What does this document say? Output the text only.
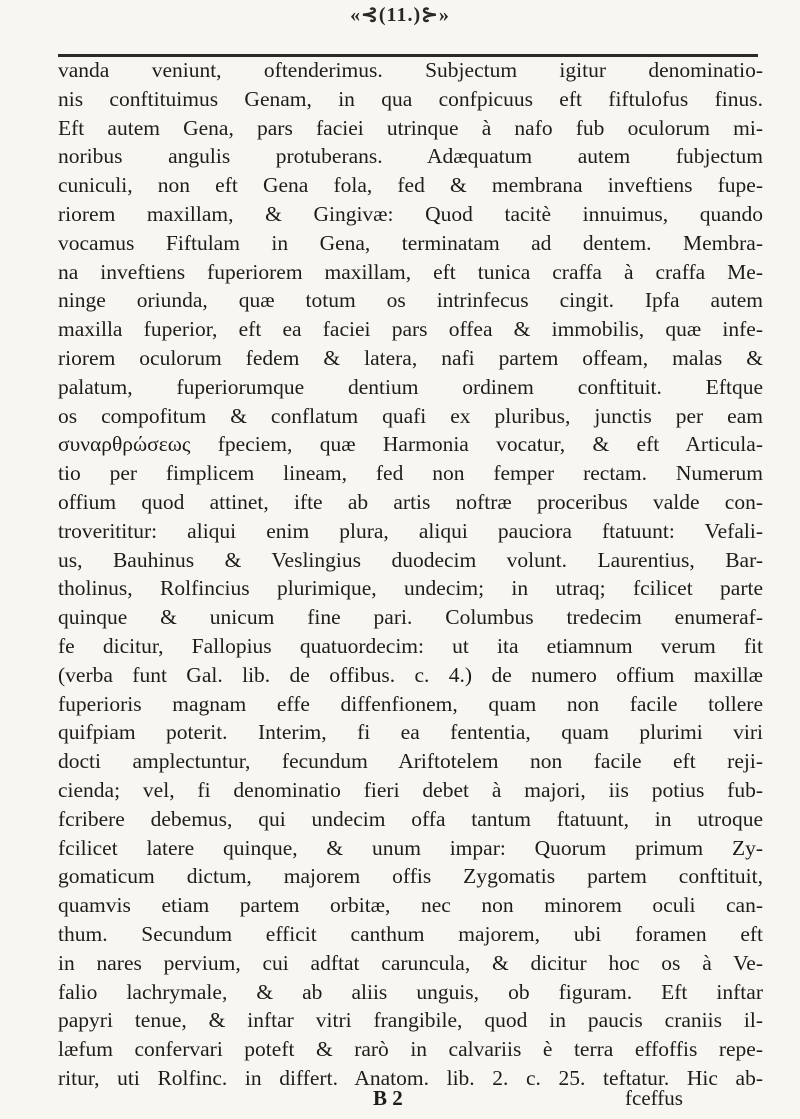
«⊰(11.)⊱»
vanda veniunt, oftenderimus. Subjectum igitur denominatio-
nis conftituimus Genam, in qua confpicuus eft fiftulofus finus.
Eft autem Gena, pars faciei utrinque à nafo fub oculorum mi-
noribus angulis protuberans. Adæquatum autem fubjectum
cuniculi, non eft Gena fola, fed & membrana inveftiens fupe-
riorem maxillam, & Gingivæ: Quod tacitè innuimus, quando
vocamus Fiftulam in Gena, terminatam ad dentem. Membra-
na inveftiens fuperiorem maxillam, eft tunica craffa à craffa Me-
ninge oriunda, quæ totum os intrinfecus cingit. Ipfa autem
maxilla fuperior, eft ea faciei pars offea & immobilis, quæ infe-
riorem oculorum fedem & latera, nafi partem offeam, malas &
palatum, fuperiorumque dentium ordinem conftituit. Eftque
os compofitum & conflatum quafi ex pluribus, junctis per eam
συναρθρώσεως fpeciem, quæ Harmonia vocatur, & eft Articula-
tio per fimplicem lineam, fed non femper rectam. Numerum
offium quod attinet, ifte ab artis noftræ proceribus valde con-
troverititur: aliqui enim plura, aliqui pauciora ftatuunt: Vefali-
us, Bauhinus & Veslingius duodecim volunt. Laurentius, Bar-
tholinus, Rolfincius plurimique, undecim; in utraq; fcilicet parte
quinque & unicum fine pari. Columbus tredecim enumeraf-
fe dicitur, Fallopius quatuordecim: ut ita etiamnum verum fit
(verba funt Gal. lib. de offibus. c. 4.) de numero offium maxillæ
fuperioris magnam effe diffenfionem, quam non facile tollere
quifpiam poterit. Interim, fi ea fententia, quam plurimi viri
docti amplectuntur, fecundum Ariftotelem non facile eft reji-
cienda; vel, fi denominatio fieri debet à majori, iis potius fub-
fcribere debemus, qui undecim offa tantum ftatuunt, in utroque
fcilicet latere quinque, & unum impar: Quorum primum Zy-
gomaticum dictum, majorem offis Zygomatis partem conftituit,
quamvis etiam partem orbitæ, nec non minorem oculi can-
thum. Secundum efficit canthum majorem, ubi foramen eft
in nares pervium, cui adftat caruncula, & dicitur hoc os à Ve-
falio lachrymale, & ab aliis unguis, ob figuram. Eft inftar
papyri tenue, & inftar vitri frangibile, quod in paucis craniis il-
læfum confervari poteft & rarò in calvariis è terra effoffis repe-
ritur, uti Rolfinc. in differt. Anatom. lib. 2. c. 25. teftatur. Hic ab-
B 2	fceffus
